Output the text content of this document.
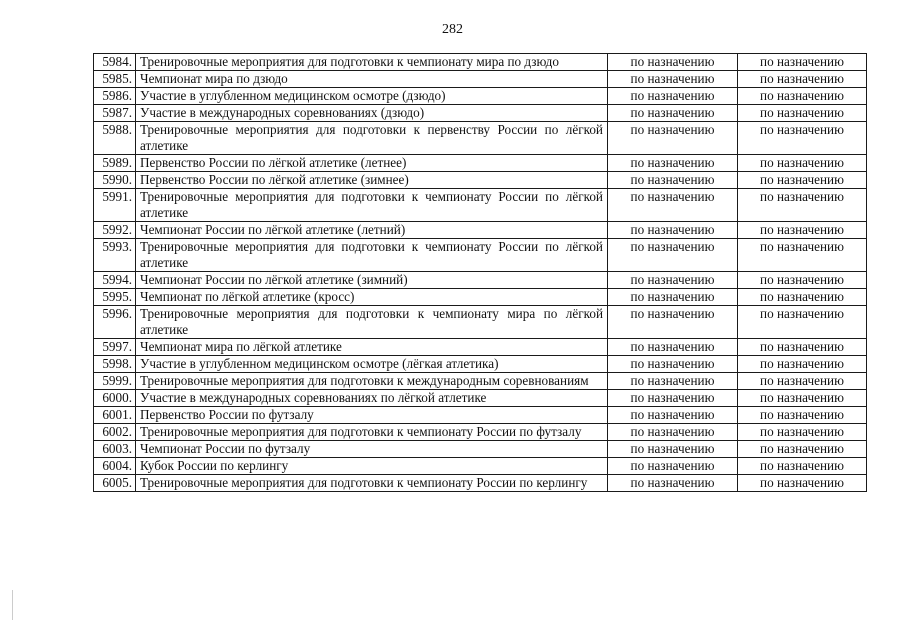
282
5984.	Тренировочные мероприятия для подготовки к чемпионату мира по дзюдо	по назначению	по назначению
5985.	Чемпионат мира по дзюдо	по назначению	по назначению
5986.	Участие в углубленном медицинском осмотре (дзюдо)	по назначению	по назначению
5987.	Участие в международных соревнованиях (дзюдо)	по назначению	по назначению
5988.	Тренировочные мероприятия для подготовки к первенству России по лёгкой атлетике	по назначению	по назначению
5989.	Первенство России по лёгкой атлетике (летнее)	по назначению	по назначению
5990.	Первенство России по лёгкой атлетике (зимнее)	по назначению	по назначению
5991.	Тренировочные мероприятия для подготовки к чемпионату России по лёгкой атлетике	по назначению	по назначению
5992.	Чемпионат России по лёгкой атлетике (летний)	по назначению	по назначению
5993.	Тренировочные мероприятия для подготовки к чемпионату России по лёгкой атлетике	по назначению	по назначению
5994.	Чемпионат России по лёгкой атлетике (зимний)	по назначению	по назначению
5995.	Чемпионат по лёгкой атлетике (кросс)	по назначению	по назначению
5996.	Тренировочные мероприятия для подготовки к чемпионату мира по лёгкой атлетике	по назначению	по назначению
5997.	Чемпионат мира по лёгкой атлетике	по назначению	по назначению
5998.	Участие в углубленном медицинском осмотре (лёгкая атлетика)	по назначению	по назначению
5999.	Тренировочные мероприятия для подготовки к международным соревнованиям	по назначению	по назначению
6000.	Участие в международных соревнованиях по лёгкой атлетике	по назначению	по назначению
6001.	Первенство России по футзалу	по назначению	по назначению
6002.	Тренировочные мероприятия для подготовки к чемпионату России по футзалу	по назначению	по назначению
6003.	Чемпионат России по футзалу	по назначению	по назначению
6004.	Кубок России по керлингу	по назначению	по назначению
6005.	Тренировочные мероприятия для подготовки к чемпионату России по керлингу	по назначению	по назначению
